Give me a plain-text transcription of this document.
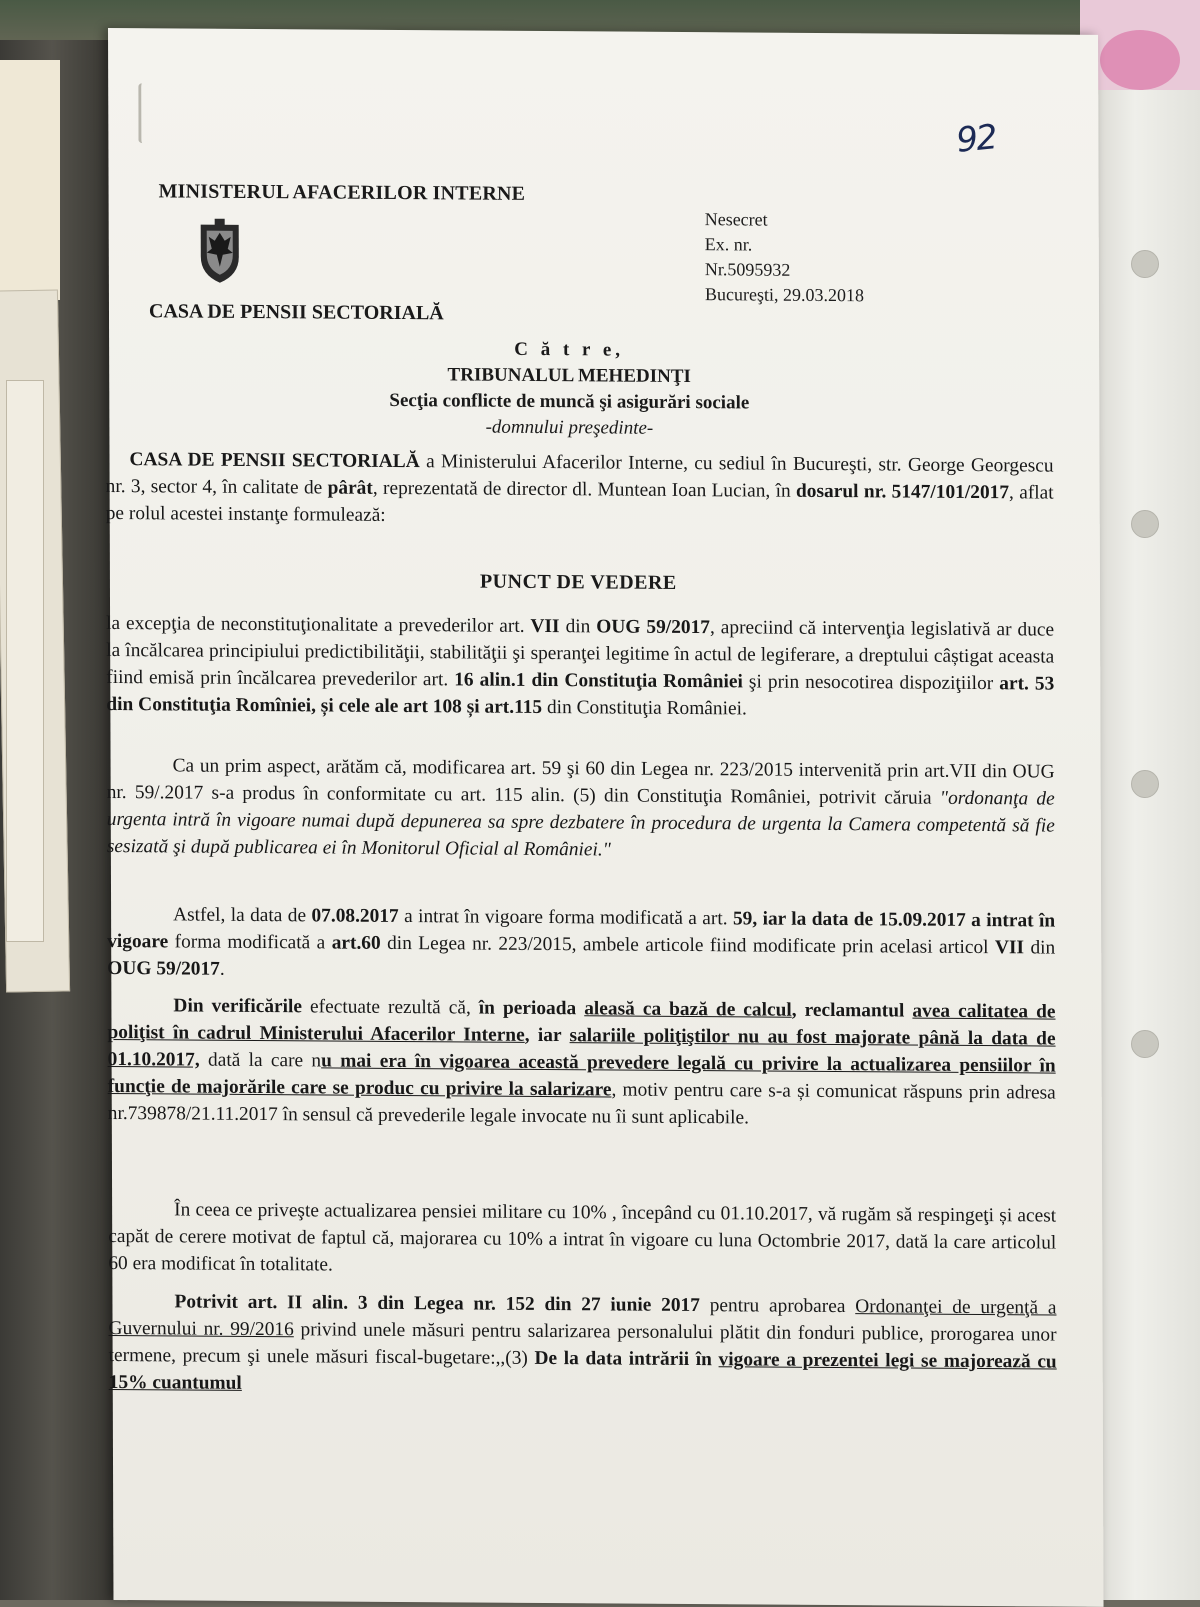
92
MINISTERUL AFACERILOR INTERNE
CASA DE PENSII SECTORIALĂ
Nesecret
Ex. nr.
Nr.5095932
Bucureşti, 29.03.2018
C ă t r e,
TRIBUNALUL MEHEDINŢI
Secţia conflicte de muncă şi asigurări sociale
-domnului preşedinte-
CASA DE PENSII SECTORIALĂ a Ministerului Afacerilor Interne, cu sediul în Bucureşti, str. George Georgescu nr. 3, sector 4, în calitate de pârât, reprezentată de director dl. Muntean Ioan Lucian, în dosarul nr. 5147/101/2017, aflat pe rolul acestei instanţe formulează:
PUNCT DE VEDERE
la excepţia de neconstituţionalitate a prevederilor art. VII din OUG 59/2017, apreciind că intervenţia legislativă ar duce la încălcarea principiului predictibilităţii, stabilităţii şi speranţei legitime în actul de legiferare, a dreptului câștigat aceasta fiind emisă prin încălcarea prevederilor art. 16 alin.1 din Constituţia României şi prin nesocotirea dispoziţiilor art. 53 din Constituţia Romîniei, și cele ale art 108 și art.115 din Constituţia României.
Ca un prim aspect, arătăm că, modificarea art. 59 şi 60 din Legea nr. 223/2015 intervenită prin art.VII din OUG nr. 59/.2017 s-a produs în conformitate cu art. 115 alin. (5) din Constituţia României, potrivit căruia "ordonanţa de urgenta intră în vigoare numai după depunerea sa spre dezbatere în procedura de urgenta la Camera competentă să fie sesizată şi după publicarea ei în Monitorul Oficial al României."
Astfel, la data de 07.08.2017 a intrat în vigoare forma modificată a art. 59, iar la data de 15.09.2017 a intrat în vigoare forma modificată a art.60 din Legea nr. 223/2015, ambele articole fiind modificate prin acelasi articol VII din OUG 59/2017.
Din verificările efectuate rezultă că, în perioada aleasă ca bază de calcul, reclamantul avea calitatea de poliţist în cadrul Ministerului Afacerilor Interne, iar salariile poliţiştilor nu au fost majorate până la data de 01.10.2017, dată la care nu mai era în vigoarea această prevedere legală cu privire la actualizarea pensiilor în funcţie de majorările care se produc cu privire la salarizare, motiv pentru care s-a și comunicat răspuns prin adresa nr.739878/21.11.2017 în sensul că prevederile legale invocate nu îi sunt aplicabile.
În ceea ce priveşte actualizarea pensiei militare cu 10% , începând cu 01.10.2017, vă rugăm să respingeţi și acest capăt de cerere motivat de faptul că, majorarea cu 10% a intrat în vigoare cu luna Octombrie 2017, dată la care articolul 60 era modificat în totalitate.
Potrivit art. II alin. 3 din Legea nr. 152 din 27 iunie 2017 pentru aprobarea Ordonanţei de urgenţă a Guvernului nr. 99/2016 privind unele măsuri pentru salarizarea personalului plătit din fonduri publice, prorogarea unor termene, precum şi unele măsuri fiscal-bugetare:,,(3) De la data intrării în vigoare a prezentei legi se majorează cu 15% cuantumul
